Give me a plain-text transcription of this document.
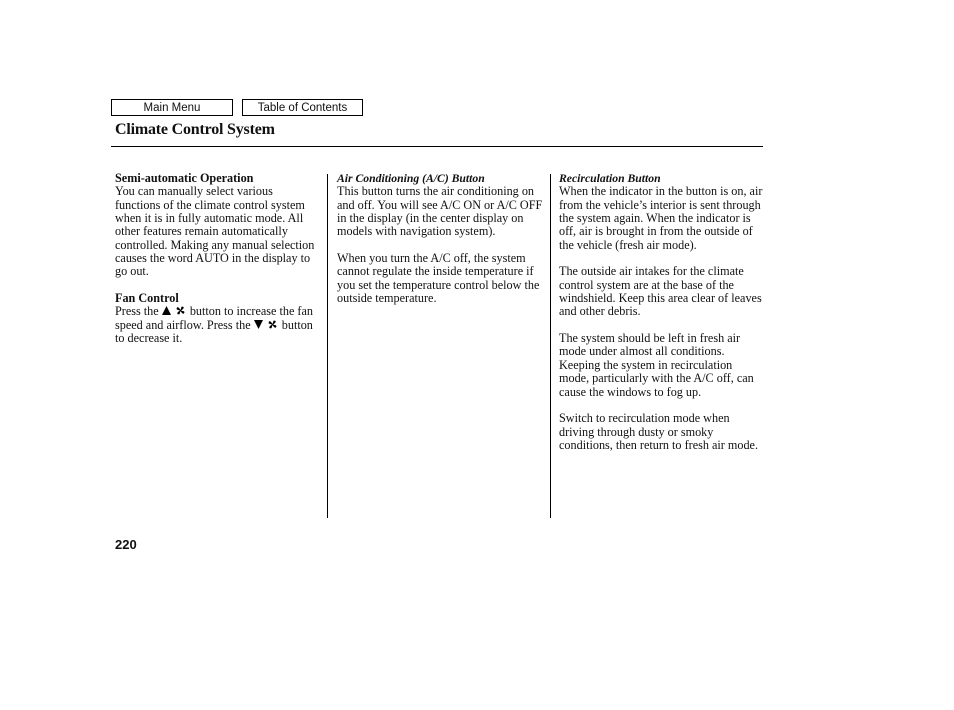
Main Menu	Table of Contents
Climate Control System
Semi-automatic Operation
You can manually select various functions of the climate control system when it is in fully automatic mode. All other features remain automatically controlled. Making any manual selection causes the word AUTO in the display to go out.
Fan Control
Press the	button to increase the fan speed and airflow. Press the	button to decrease it.
Air Conditioning (A/C) Button
This button turns the air conditioning on and off. You will see A/C ON or A/C OFF in the display (in the center display on models with navigation system).
When you turn the A/C off, the system cannot regulate the inside temperature if you set the temperature control below the outside temperature.
Recirculation Button
When the indicator in the button is on, air from the vehicle’s interior is sent through the system again. When the indicator is off, air is brought in from the outside of the vehicle (fresh air mode).
The outside air intakes for the climate control system are at the base of the windshield. Keep this area clear of leaves and other debris.
The system should be left in fresh air mode under almost all conditions. Keeping the system in recirculation mode, particularly with the A/C off, can cause the windows to fog up.
Switch to recirculation mode when driving through dusty or smoky conditions, then return to fresh air mode.
220
